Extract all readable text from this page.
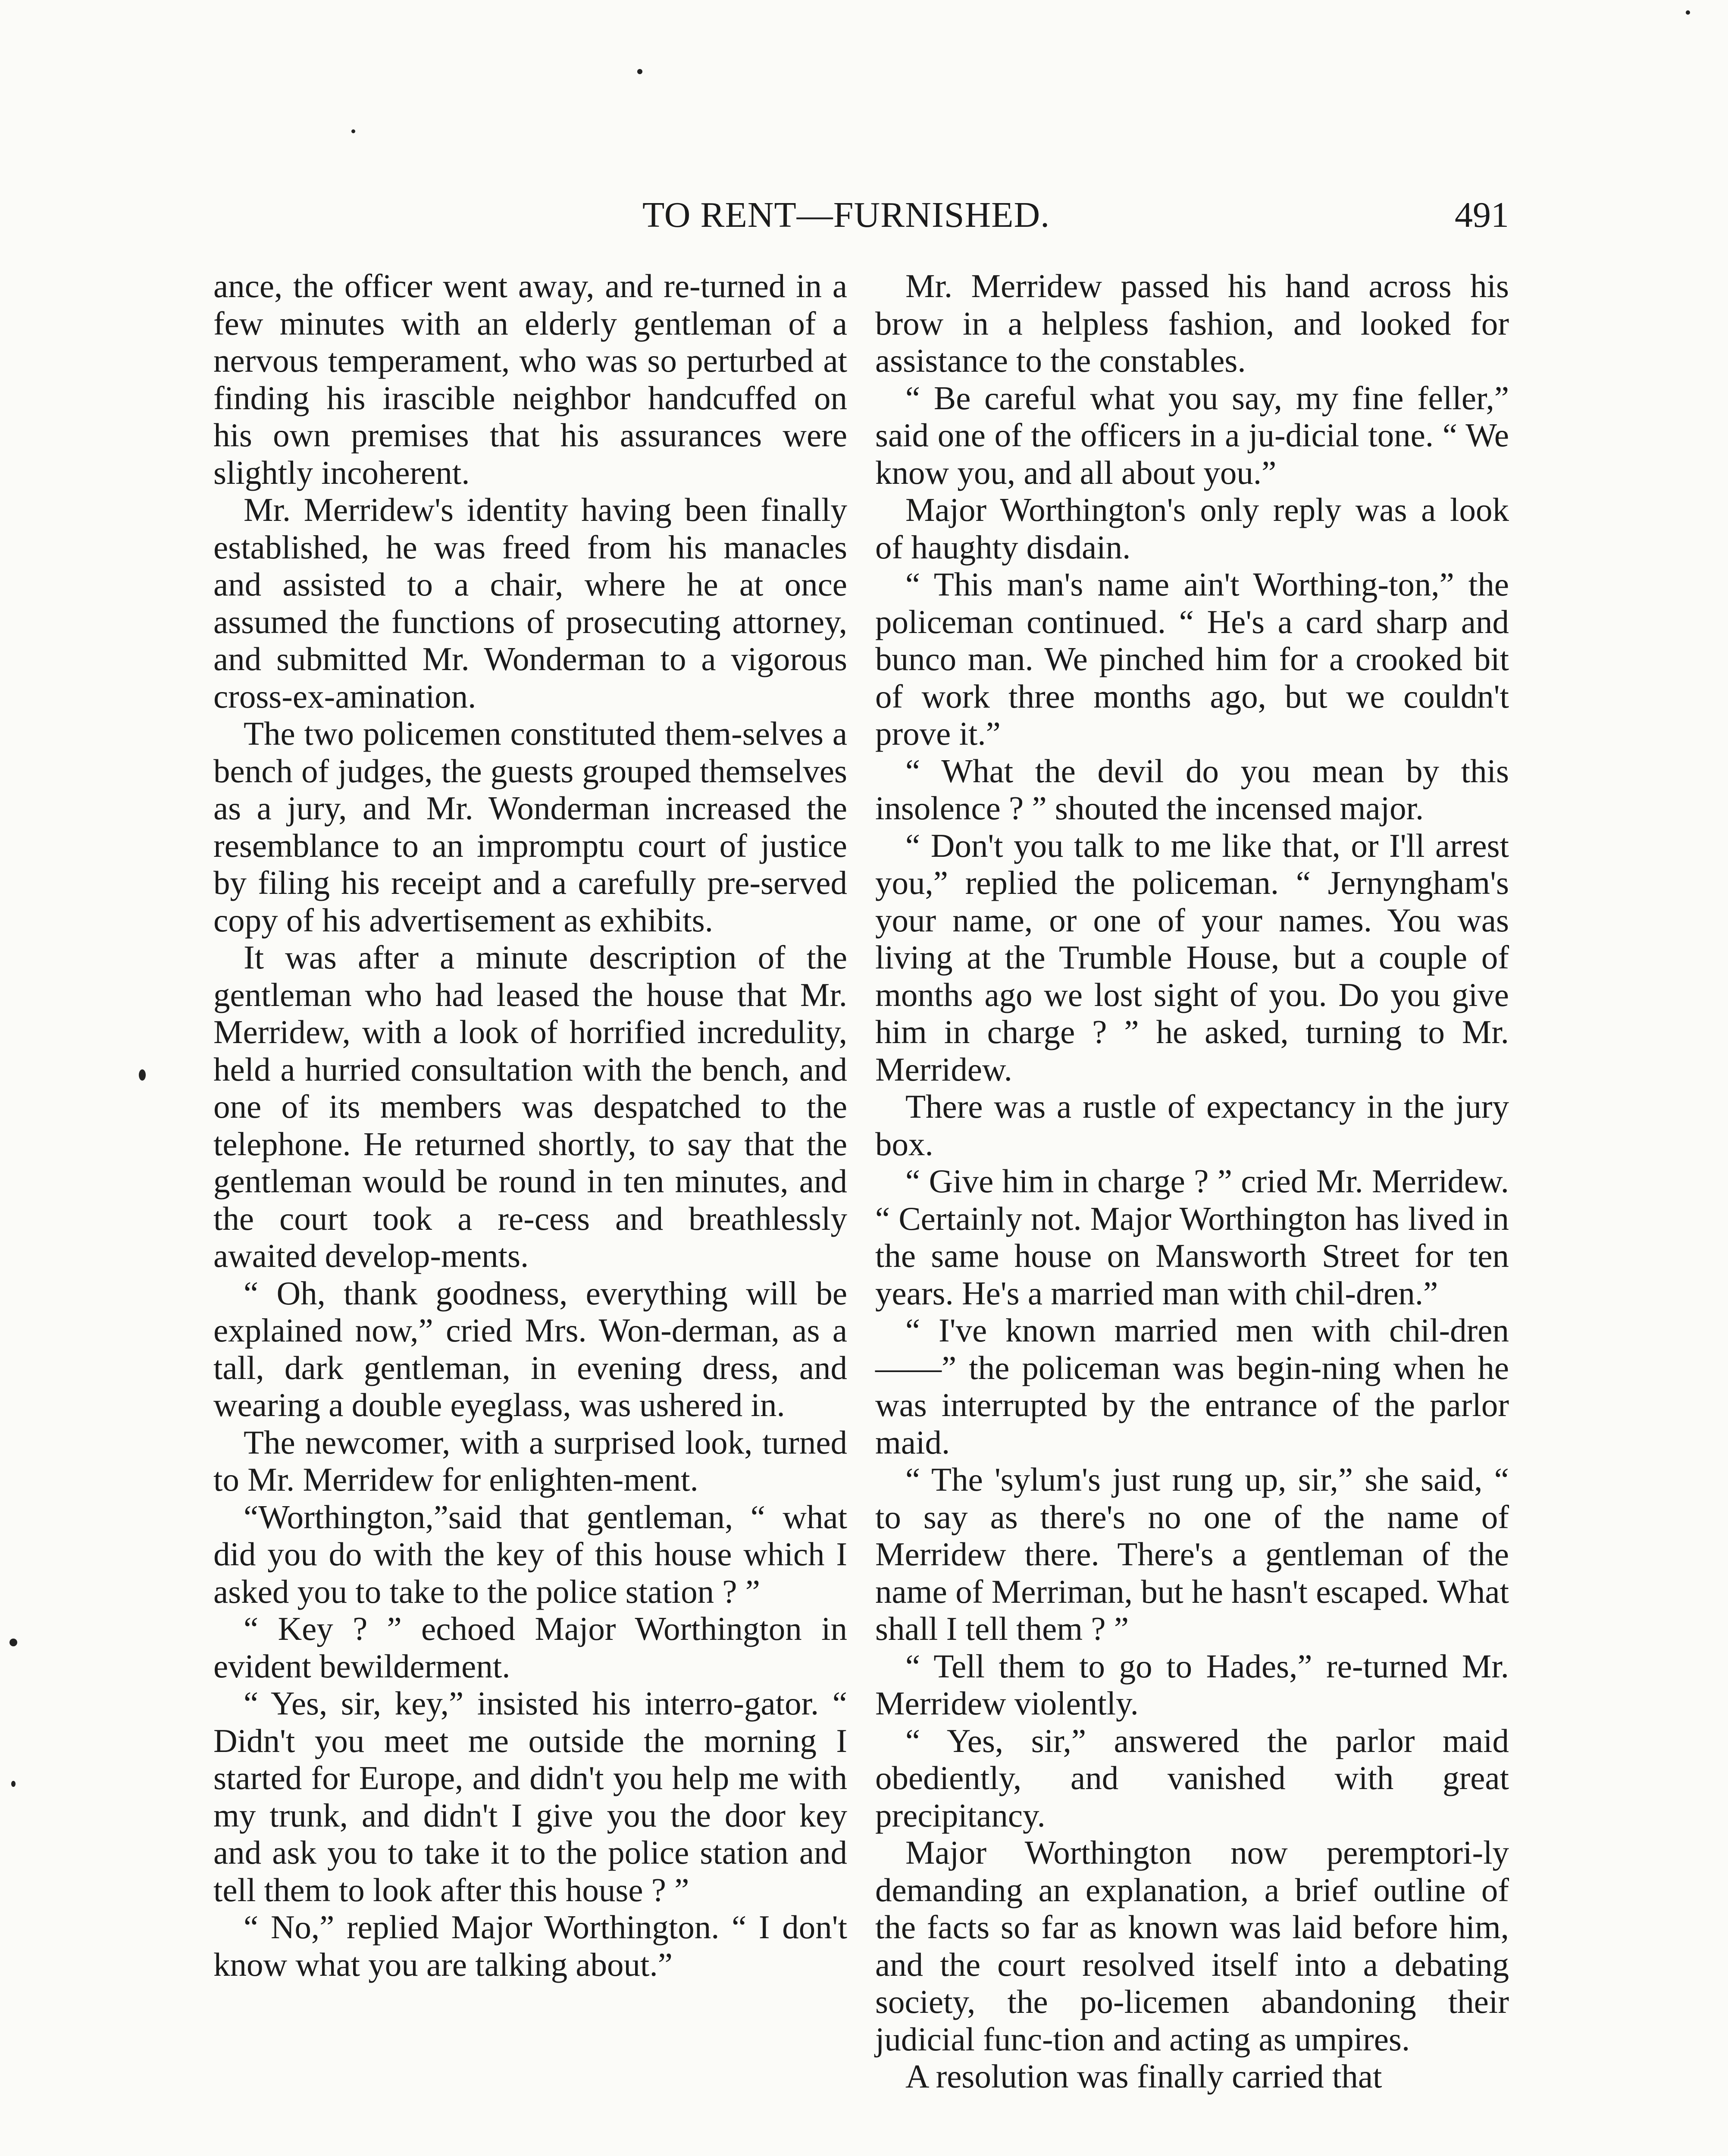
TO RENT—FURNISHED.	491

ance, the officer went away, and re-turned in a few minutes with an elderly gentleman of a nervous temperament, who was so perturbed at finding his irascible neighbor handcuffed on his own premises that his assurances were slightly incoherent.

Mr. Merridew's identity having been finally established, he was freed from his manacles and assisted to a chair, where he at once assumed the functions of prosecuting attorney, and submitted Mr. Wonderman to a vigorous cross-ex-amination.

The two policemen constituted them-selves a bench of judges, the guests grouped themselves as a jury, and Mr. Wonderman increased the resemblance to an impromptu court of justice by filing his receipt and a carefully pre-served copy of his advertisement as exhibits.

It was after a minute description of the gentleman who had leased the house that Mr. Merridew, with a look of horrified incredulity, held a hurried consultation with the bench, and one of its members was despatched to the telephone. He returned shortly, to say that the gentleman would be round in ten minutes, and the court took a re-cess and breathlessly awaited develop-ments.

“ Oh, thank goodness, everything will be explained now,” cried Mrs. Won-derman, as a tall, dark gentleman, in evening dress, and wearing a double eyeglass, was ushered in.

The newcomer, with a surprised look, turned to Mr. Merridew for enlighten-ment.

“Worthington,”said that gentleman, “ what did you do with the key of this house which I asked you to take to the police station ? ”

“ Key ? ” echoed Major Worthington in evident bewilderment.

“ Yes, sir, key,” insisted his interro-gator. “ Didn't you meet me outside the morning I started for Europe, and didn't you help me with my trunk, and didn't I give you the door key and ask you to take it to the police station and tell them to look after this house ? ”

“ No,” replied Major Worthington. “ I don't know what you are talking about.”

Mr. Merridew passed his hand across his brow in a helpless fashion, and looked for assistance to the constables.

“ Be careful what you say, my fine feller,” said one of the officers in a ju-dicial tone. “ We know you, and all about you.”

Major Worthington's only reply was a look of haughty disdain.

“ This man's name ain't Worthing-ton,” the policeman continued. “ He's a card sharp and bunco man. We pinched him for a crooked bit of work three months ago, but we couldn't prove it.”

“ What the devil do you mean by this insolence ? ” shouted the incensed major.

“ Don't you talk to me like that, or I'll arrest you,” replied the policeman. “ Jernyngham's your name, or one of your names. You was living at the Trumble House, but a couple of months ago we lost sight of you. Do you give him in charge ? ” he asked, turning to Mr. Merridew.

There was a rustle of expectancy in the jury box.

“ Give him in charge ? ” cried Mr. Merridew. “ Certainly not. Major Worthington has lived in the same house on Mansworth Street for ten years. He's a married man with chil-dren.”

“ I've known married men with chil-dren——” the policeman was begin-ning when he was interrupted by the entrance of the parlor maid.

“ The 'sylum's just rung up, sir,” she said, “ to say as there's no one of the name of Merridew there. There's a gentleman of the name of Merriman, but he hasn't escaped. What shall I tell them ? ”

“ Tell them to go to Hades,” re-turned Mr. Merridew violently.

“ Yes, sir,” answered the parlor maid obediently, and vanished with great precipitancy.

Major Worthington now peremptori-ly demanding an explanation, a brief outline of the facts so far as known was laid before him, and the court resolved itself into a debating society, the po-licemen abandoning their judicial func-tion and acting as umpires.

A resolution was finally carried that
